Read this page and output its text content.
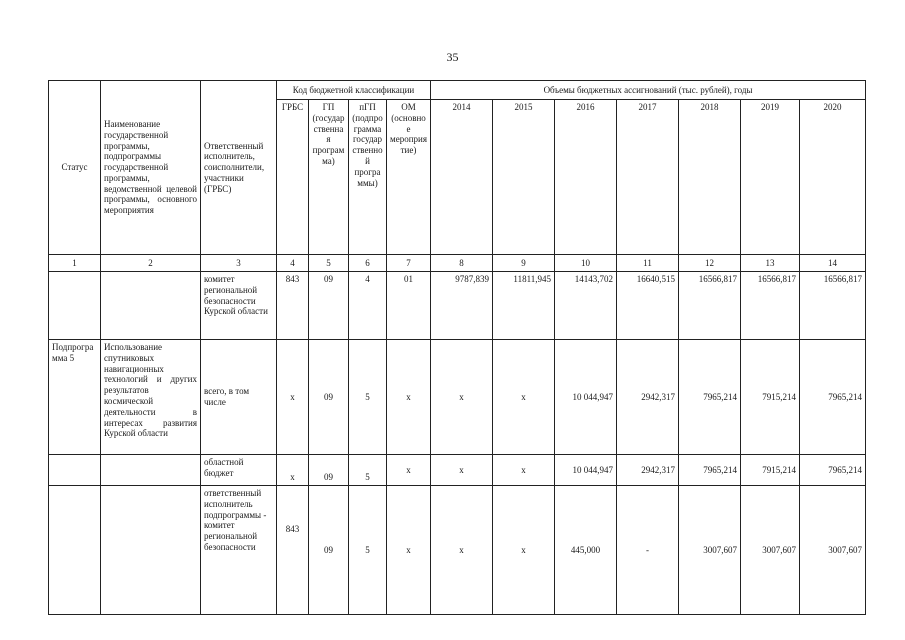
35
Статус	Наименование государственной программы, подпрограммы государственной программы, ведомственной целевой программы, основного мероприятия	Ответственный исполнитель, соисполнители, участники (ГРБС)	Код бюджетной классификации				Объемы бюджетных ассигнований (тыс. рублей), годы						
			ГРБС	ГП (государственная программа)	пГП (подпрограмма государственной программы)	ОМ (основное мероприятие)	2014	2015	2016	2017	2018	2019	2020
1	2	3	4	5	6	7	8	9	10	11	12	13	14
		комитет региональной безопасности Курской области	843	09	4	01	9787,839	11811,945	14143,702	16640,515	16566,817	16566,817	16566,817
Подпрограмма 5	Использование спутниковых навигационных технологий и других результатов космической деятельности в интересах развития Курской области	всего, в том числе	х	09	5	х	х	х	10 044,947	2942,317	7965,214	7915,214	7965,214
		областной бюджет	х	09	5	х	х	х	10 044,947	2942,317	7965,214	7915,214	7965,214
		ответственный исполнитель подпрограммы - комитет региональной безопасности	843	09	5	х	х	х	445,000	-	3007,607	3007,607	3007,607
